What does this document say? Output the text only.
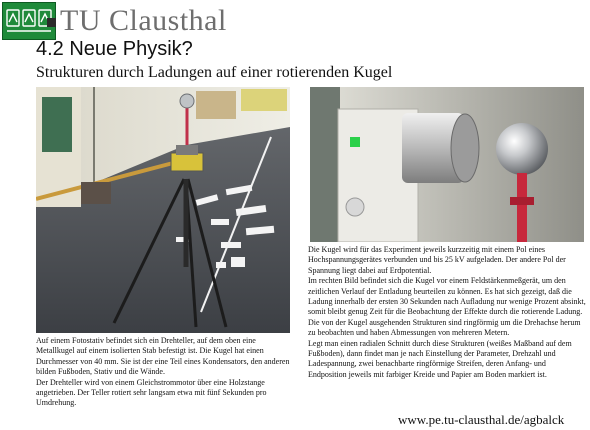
TU Clausthal
4.2 Neue Physik?
Strukturen durch Ladungen auf einer rotierenden Kugel

Auf einem Fotostativ befindet sich ein Drehteller, auf dem oben eine Metallkugel auf einem isolierten Stab befestigt ist. Die Kugel hat einen Durchmesser von 40 mm. Sie ist der eine Teil eines Kondensators, den anderen bilden Fußboden, Stativ und die Wände.

Der Drehteller wird von einem Gleichstrommotor über eine Holzstange angetrieben. Der Teller rotiert sehr langsam etwa mit fünf Sekunden pro Umdrehung.

Die Kugel wird für das Experiment jeweils kurzzeitig mit einem Pol eines Hochspannungsgerätes verbunden und bis 25 kV aufgeladen. Der andere Pol der Spannung liegt dabei auf Erdpotential.

Im rechten Bild befindet sich die Kugel vor einem Feldstärkenmeßgerät, um den zeitlichen Verlauf der Entladung beurteilen zu können. Es hat sich gezeigt, daß die Ladung innerhalb der ersten 30 Sekunden nach Aufladung nur wenige Prozent absinkt, somit bleibt genug Zeit für die Beobachtung der Effekte durch die rotierende Ladung.

Die von der Kugel ausgehenden Strukturen sind ringförmig um die Drehachse herum zu beobachten und haben Abmessungen von mehreren Metern.

Legt man einen radialen Schnitt durch diese Strukturen (weißes Maßband auf dem Fußboden), dann findet man je nach Einstellung der Parameter, Drehzahl und Ladespannung, zwei benachbarte ringförmige Streifen, deren Anfang- und Endposition jeweils mit farbiger Kreide und Papier am Boden markiert ist.

www.pe.tu-clausthal.de/agbalck
